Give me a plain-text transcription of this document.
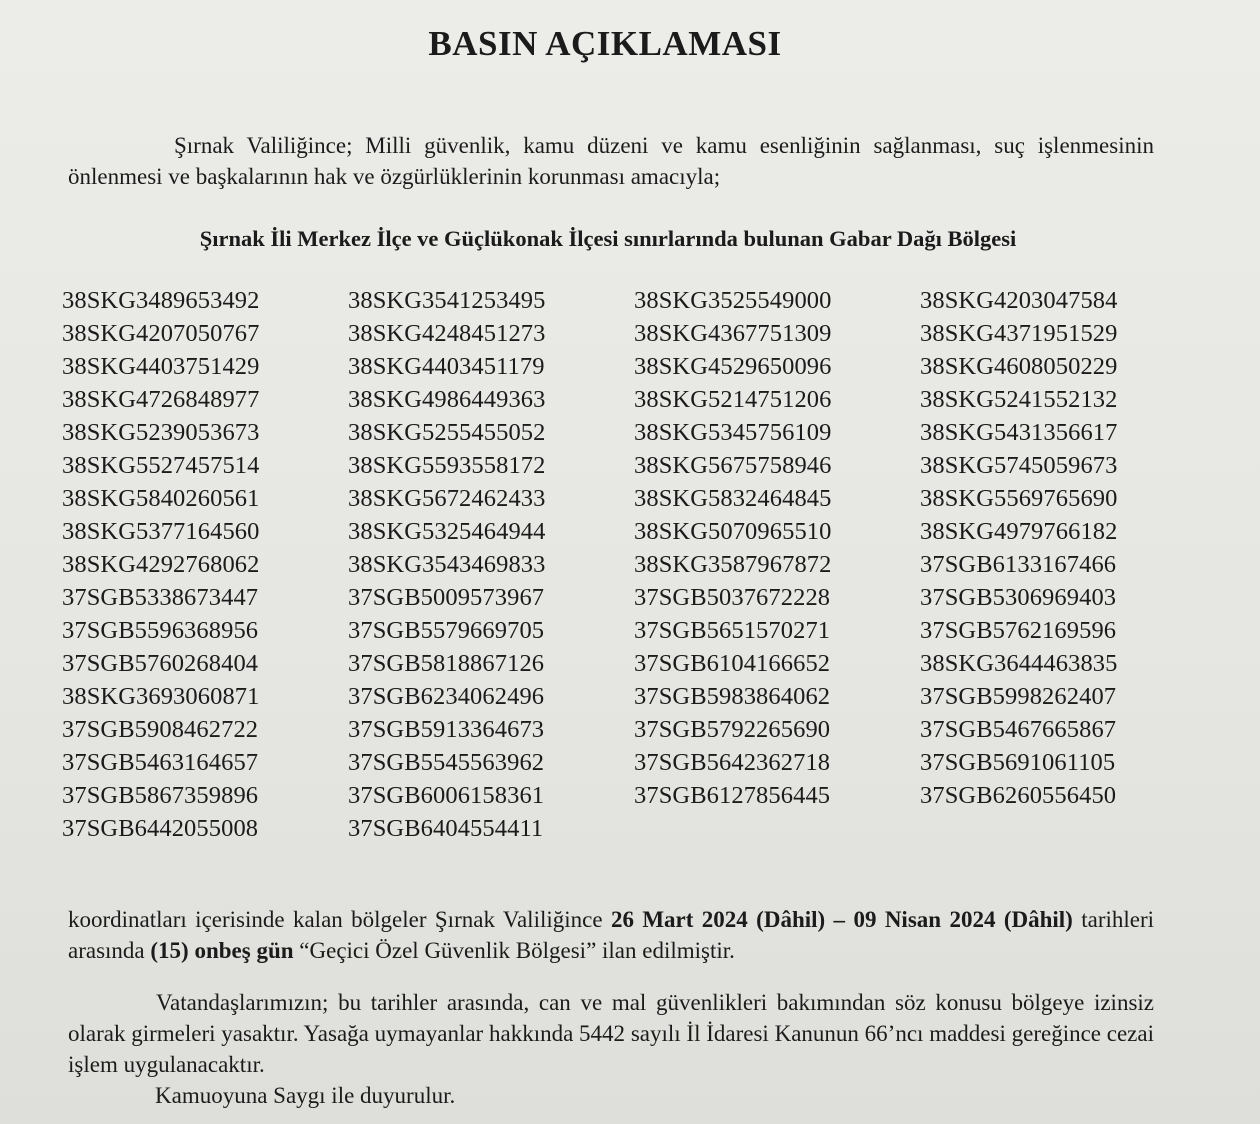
BASIN AÇIKLAMASI
Şırnak Valiliğince; Milli güvenlik, kamu düzeni ve kamu esenliğinin sağlanması, suç işlenmesinin önlenmesi ve başkalarının hak ve özgürlüklerinin korunması amacıyla;
Şırnak İli Merkez İlçe ve Güçlükonak İlçesi sınırlarında bulunan Gabar Dağı Bölgesi
38SKG3489653492
38SKG4207050767
38SKG4403751429
38SKG4726848977
38SKG5239053673
38SKG5527457514
38SKG5840260561
38SKG5377164560
38SKG4292768062
37SGB5338673447
37SGB5596368956
37SGB5760268404
38SKG3693060871
37SGB5908462722
37SGB5463164657
37SGB5867359896
37SGB6442055008
38SKG3541253495
38SKG4248451273
38SKG4403451179
38SKG4986449363
38SKG5255455052
38SKG5593558172
38SKG5672462433
38SKG5325464944
38SKG3543469833
37SGB5009573967
37SGB5579669705
37SGB5818867126
37SGB6234062496
37SGB5913364673
37SGB5545563962
37SGB6006158361
37SGB6404554411
38SKG3525549000
38SKG4367751309
38SKG4529650096
38SKG5214751206
38SKG5345756109
38SKG5675758946
38SKG5832464845
38SKG5070965510
38SKG3587967872
37SGB5037672228
37SGB5651570271
37SGB6104166652
37SGB5983864062
37SGB5792265690
37SGB5642362718
37SGB6127856445
38SKG4203047584
38SKG4371951529
38SKG4608050229
38SKG5241552132
38SKG5431356617
38SKG5745059673
38SKG5569765690
38SKG4979766182
37SGB6133167466
37SGB5306969403
37SGB5762169596
38SKG3644463835
37SGB5998262407
37SGB5467665867
37SGB5691061105
37SGB6260556450
koordinatları içerisinde kalan bölgeler Şırnak Valiliğince 26 Mart 2024 (Dâhil) – 09 Nisan 2024 (Dâhil) tarihleri arasında (15) onbeş gün “Geçici Özel Güvenlik Bölgesi” ilan edilmiştir.
Vatandaşlarımızın; bu tarihler arasında, can ve mal güvenlikleri bakımından söz konusu bölgeye izinsiz olarak girmeleri yasaktır. Yasağa uymayanlar hakkında 5442 sayılı İl İdaresi Kanunun 66’ncı maddesi gereğince cezai işlem uygulanacaktır.
Kamuoyuna Saygı ile duyurulur.
